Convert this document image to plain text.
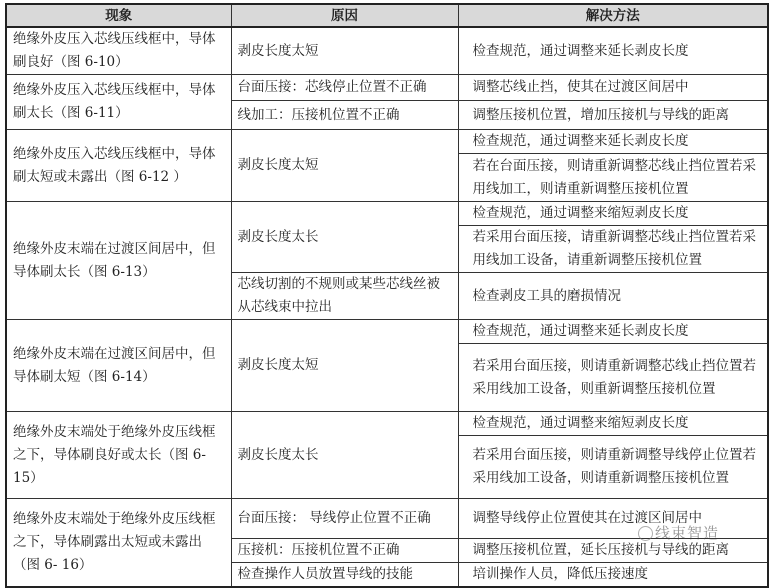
现象	原因	解决方法
绝缘外皮压入芯线压线框中，导体刷良好（图 6-10）	剥皮长度太短	检查规范，通过调整来延长剥皮长度
绝缘外皮压入芯线压线框中，导体刷太长（图 6-11）	台面压接：芯线停止位置不正确	调整芯线止挡，使其在过渡区间居中
	线加工：压接机位置不正确	调整压接机位置，增加压接机与导线的距离
绝缘外皮压入芯线压线框中，导体刷太短或未露出（图 6-12 ）	剥皮长度太短	检查规范，通过调整来延长剥皮长度
		若在台面压接，则请重新调整芯线止挡位置若采用线加工，则请重新调整压接机位置
绝缘外皮末端在过渡区间居中，但导体刷太长（图 6-13）	剥皮长度太长	检查规范，通过调整来缩短剥皮长度
		若采用台面压接，请重新调整芯线止挡位置若采用线加工设备，请重新调整压接机位置
	芯线切割的不规则或某些芯线丝被从芯线束中拉出	检查剥皮工具的磨损情况
绝缘外皮末端在过渡区间居中，但导体刷太短（图 6-14）	剥皮长度太短	检查规范，通过调整来延长剥皮长度
		若采用台面压接，则请重新调整芯线止挡位置若采用线加工设备，则重新调整压接机位置
绝缘外皮末端处于绝缘外皮压线框之下，导体刷良好或太长（图 6-15）	剥皮长度太长	检查规范，通过调整来缩短剥皮长度
		若采用台面压接，则请重新调整导线停止位置若采用线加工设备，则请重新调整压接机位置
绝缘外皮末端处于绝缘外皮压线框之下，导体刷露出太短或未露出（图 6- 16）	台面压接： 导线停止位置不正确	调整导线停止位置使其在过渡区间居中
	压接机：压接机位置不正确	调整压接机位置，延长压接机与导线的距离
	检查操作人员放置导线的技能	培训操作人员，降低压接速度
线束智造
